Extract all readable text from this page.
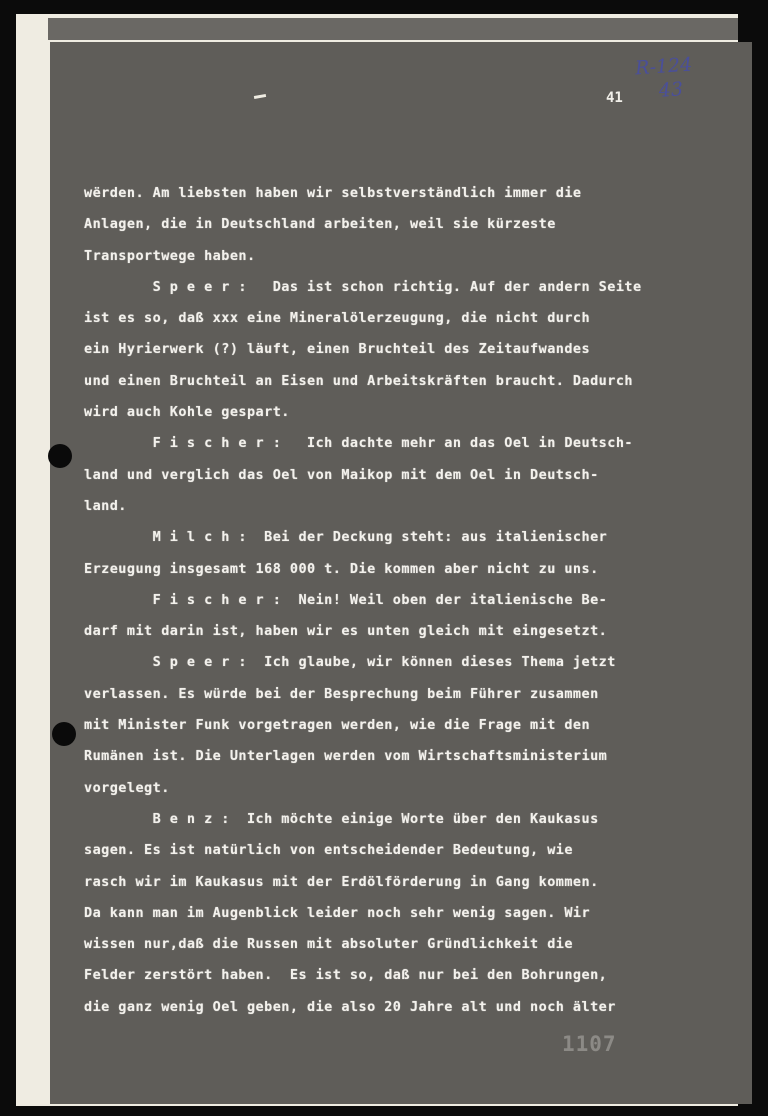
R-124
43
41
wërden. Am liebsten haben wir selbstverständlich immer die
Anlagen, die in Deutschland arbeiten, weil sie kürzeste
Transportwege haben.
S p e e r :   Das ist schon richtig. Auf der andern Seite
ist es so, daß xxx eine Mineralölerzeugung, die nicht durch
ein Hyrierwerk (?) läuft, einen Bruchteil des Zeitaufwandes
und einen Bruchteil an Eisen und Arbeitskräften braucht. Dadurch
wird auch Kohle gespart.
F i s c h e r :   Ich dachte mehr an das Oel in Deutsch-
land und verglich das Oel von Maikop mit dem Oel in Deutsch-
land.
M i l c h :  Bei der Deckung steht: aus italienischer
Erzeugung insgesamt 168 000 t. Die kommen aber nicht zu uns.
F i s c h e r :  Nein! Weil oben der italienische Be-
darf mit darin ist, haben wir es unten gleich mit eingesetzt.
S p e e r :  Ich glaube, wir können dieses Thema jetzt
verlassen. Es würde bei der Besprechung beim Führer zusammen
mit Minister Funk vorgetragen werden, wie die Frage mit den
Rumänen ist. Die Unterlagen werden vom Wirtschaftsministerium
vorgelegt.
B e n z :  Ich möchte einige Worte über den Kaukasus
sagen. Es ist natürlich von entscheidender Bedeutung, wie
rasch wir im Kaukasus mit der Erdölförderung in Gang kommen.
Da kann man im Augenblick leider noch sehr wenig sagen. Wir
wissen nur,daß die Russen mit absoluter Gründlichkeit die
Felder zerstört haben.  Es ist so, daß nur bei den Bohrungen,
die ganz wenig Oel geben, die also 20 Jahre alt und noch älter
1107
